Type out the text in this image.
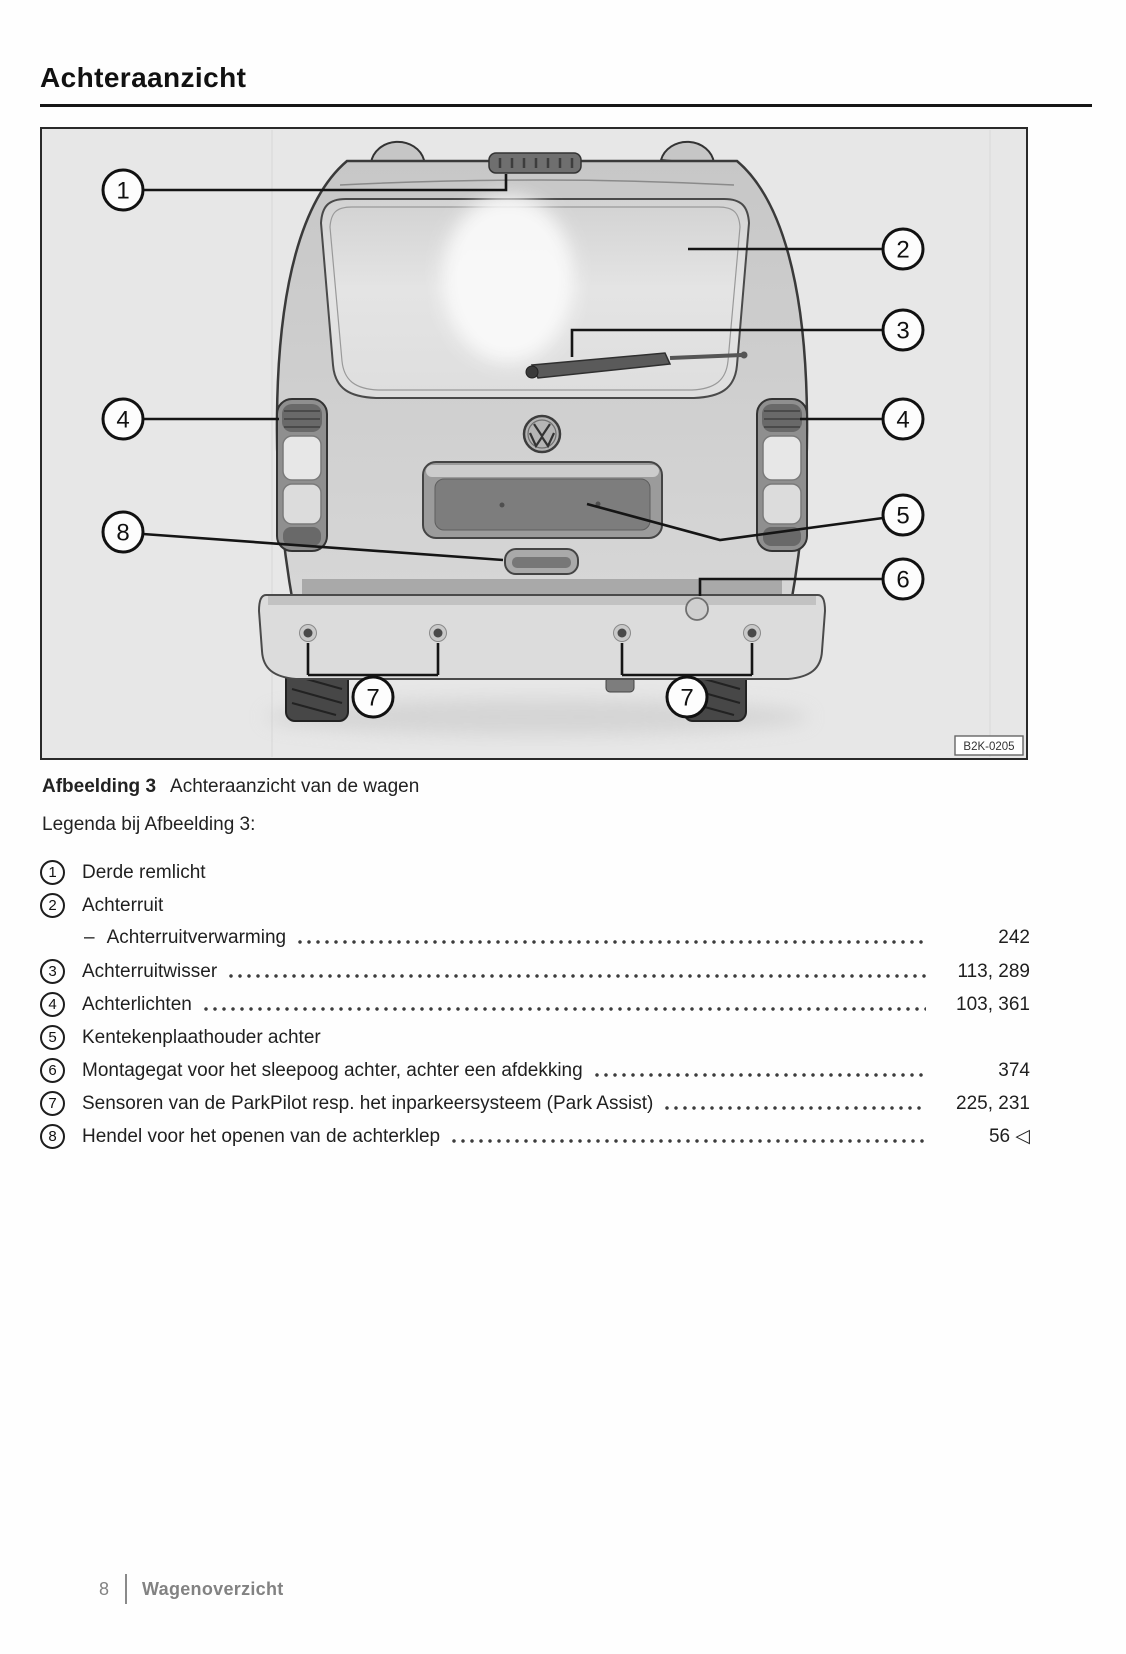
Achteraanzicht
1
2
3
4	4
5
6
7	7
8
B2K-0205
Afbeelding 3 Achteraanzicht van de wagen
Legenda bij Afbeelding 3:
1	Derde remlicht
2	Achterruit
– Achterruitverwarming	242
3	Achterruitwisser	113, 289
4	Achterlichten	103, 361
5	Kentekenplaathouder achter
6	Montagegat voor het sleepoog achter, achter een afdekking	374
7	Sensoren van de ParkPilot resp. het inparkeersysteem (Park Assist)	225, 231
8	Hendel voor het openen van de achterklep	56 ◁
8 Wagenoverzicht
